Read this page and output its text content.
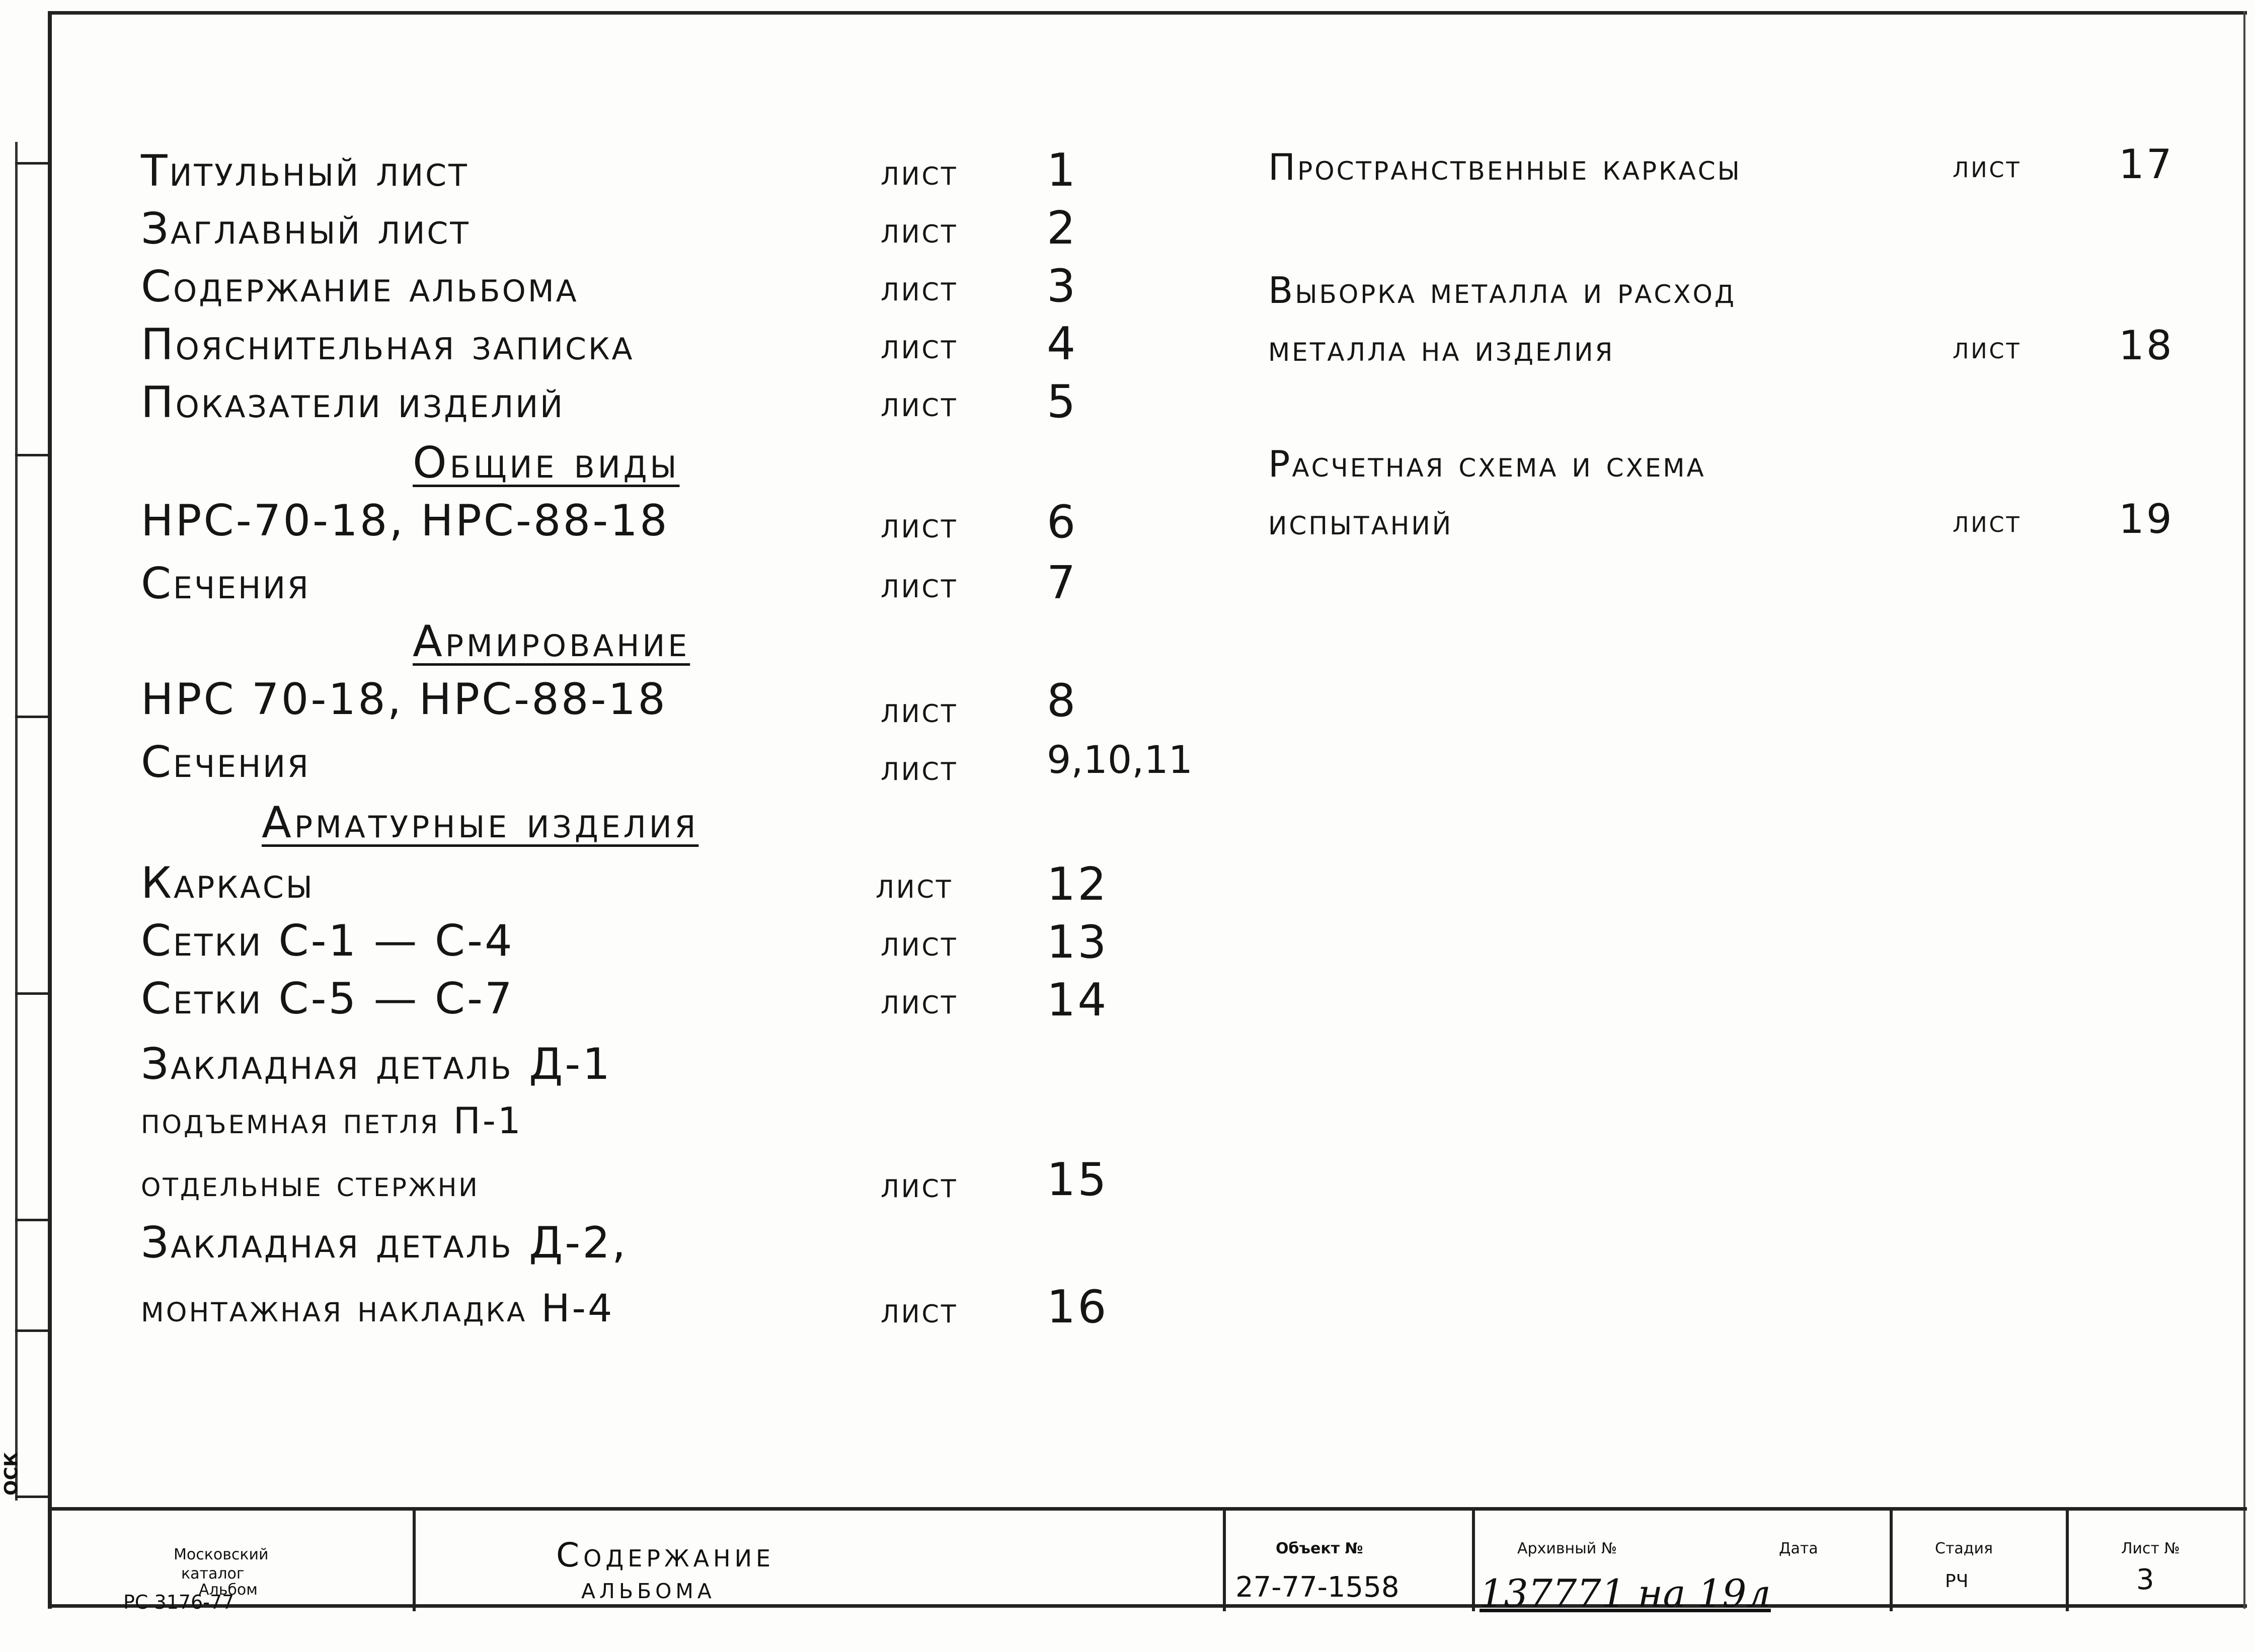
ОСК
Титульный лист	лист 1
Заглавный лист	лист 2
Содержание альбома	лист 3
Пояснительная записка	лист 4
Показатели изделий	лист 5
Общие виды
НРС-70-18, НРС-88-18	лист 6
Сечения	лист 7
Армирование
НРС 70-18, НРС-88-18	лист 8
Сечения	лист 9,10,11
Арматурные изделия
Каркасы	лист 12
Сетки С-1 — С-4	лист 13
Сетки С-5 — С-7	лист 14
Закладная деталь Д-1
подъемная петля П-1
отдельные стержни	лист 15
Закладная деталь Д-2,
монтажная накладка Н-4	лист 16
Пространственные каркасы	лист 17
Выборка металла и расход
металла на изделия	лист 18
Расчетная схема и схема
испытаний	лист 19
Московский
каталог
Альбом
РС 3176-77
Содержание
альбома
Объект №
27-77-1558
Архивный №
137771 на 19л
Дата	Стадия
РЧ
Лист №
3
